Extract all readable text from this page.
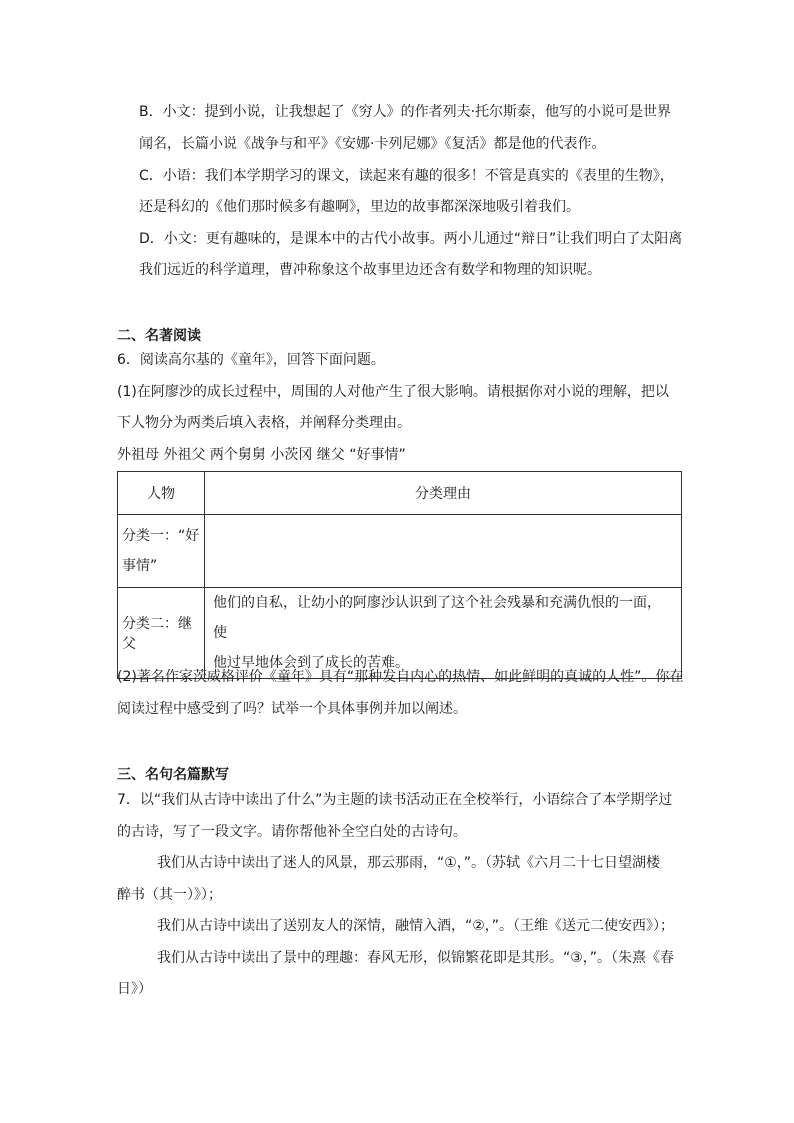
B．小文：提到小说，让我想起了《穷人》的作者列夫·托尔斯泰，他写的小说可是世界
闻名，长篇小说《战争与和平》《安娜·卡列尼娜》《复活》都是他的代表作。
C．小语：我们本学期学习的课文，读起来有趣的很多！不管是真实的《表里的生物》，
还是科幻的《他们那时候多有趣啊》，里边的故事都深深地吸引着我们。
D．小文：更有趣味的，是课本中的古代小故事。两小儿通过“辩日”让我们明白了太阳离
我们远近的科学道理，曹冲称象这个故事里边还含有数学和物理的知识呢。
二、名著阅读
6．阅读高尔基的《童年》，回答下面问题。
(1)在阿廖沙的成长过程中，周围的人对他产生了很大影响。请根据你对小说的理解，把以
下人物分为两类后填入表格，并阐释分类理由。
外祖母 外祖父 两个舅舅 小茨冈 继父 “好事情”
人物	分类理由

分类一：“好
事情”	

分类二：继父	他们的自私，让幼小的阿廖沙认识到了这个社会残暴和充满仇恨的一面，使
他过早地体会到了成长的苦难。
(2)著名作家茨威格评价《童年》具有“那种发自内心的热情、如此鲜明的真诚的人性”。你在
阅读过程中感受到了吗？试举一个具体事例并加以阐述。
三、名句名篇默写
7．以“我们从古诗中读出了什么”为主题的读书活动正在全校举行，小语综合了本学期学过
的古诗，写了一段文字。请你帮他补全空白处的古诗句。
我们从古诗中读出了迷人的风景，那云那雨，“①，”。（苏轼《六月二十七日望湖楼
醉书（其一）》）；
我们从古诗中读出了送别友人的深情，融情入酒，“②，”。（王维《送元二使安西》）；
我们从古诗中读出了景中的理趣：春风无形，似锦繁花即是其形。“③，”。（朱熹《春
日》）
